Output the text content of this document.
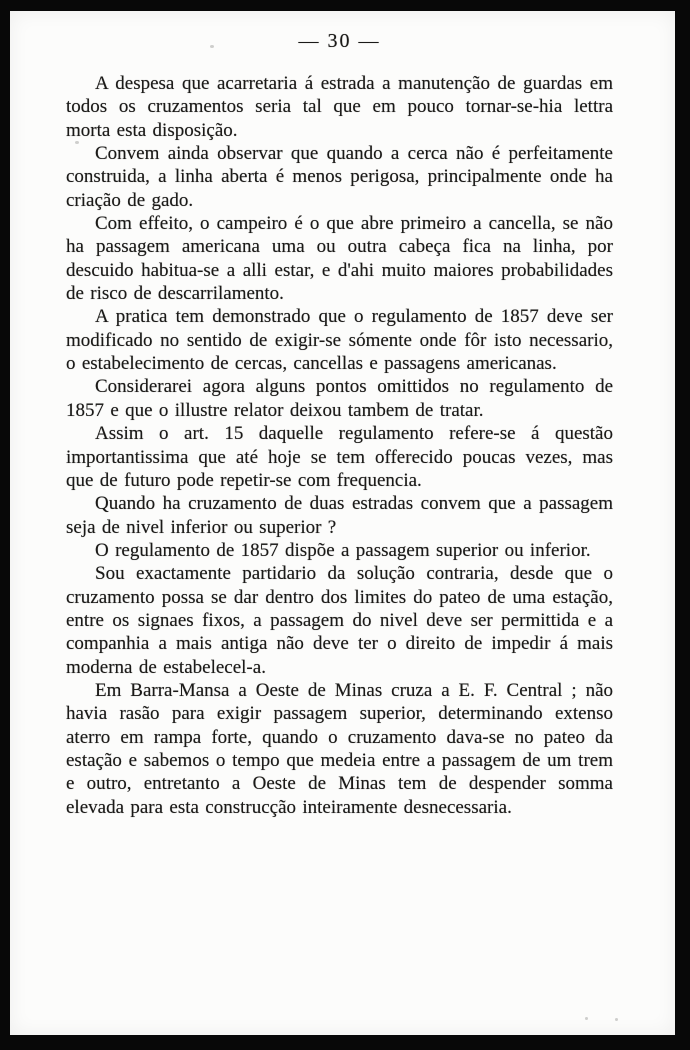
— 30 —

A despesa que acarretaria á estrada a manutenção de guardas em todos os cruzamentos seria tal que em pouco tornar-se-hia lettra morta esta disposição.

Convem ainda observar que quando a cerca não é perfeitamente construida, a linha aberta é menos perigosa, principalmente onde ha criação de gado.

Com effeito, o campeiro é o que abre primeiro a cancella, se não ha passagem americana uma ou outra cabeça fica na linha, por descuido habitua-se a alli estar, e d'ahi muito maiores probabilidades de risco de descarrilamento.

A pratica tem demonstrado que o regulamento de 1857 deve ser modificado no sentido de exigir-se sómente onde fôr isto necessario, o estabelecimento de cercas, cancellas e passagens americanas.

Considerarei agora alguns pontos omittidos no regulamento de 1857 e que o illustre relator deixou tambem de tratar.

Assim o art. 15 daquelle regulamento refere-se á questão importantissima que até hoje se tem offerecido poucas vezes, mas que de futuro pode repetir-se com frequencia.

Quando ha cruzamento de duas estradas convem que a passagem seja de nivel inferior ou superior ?

O regulamento de 1857 dispõe a passagem superior ou inferior.

Sou exactamente partidario da solução contraria, desde que o cruzamento possa se dar dentro dos limites do pateo de uma estação, entre os signaes fixos, a passagem do nivel deve ser permittida e a companhia a mais antiga não deve ter o direito de impedir á mais moderna de estabelecel-a.

Em Barra-Mansa a Oeste de Minas cruza a E. F. Central ; não havia rasão para exigir passagem superior, determinando extenso aterro em rampa forte, quando o cruzamento dava-se no pateo da estação e sabemos o tempo que medeia entre a passagem de um trem e outro, entretanto a Oeste de Minas tem de despender somma elevada para esta construcção inteiramente desnecessaria.
